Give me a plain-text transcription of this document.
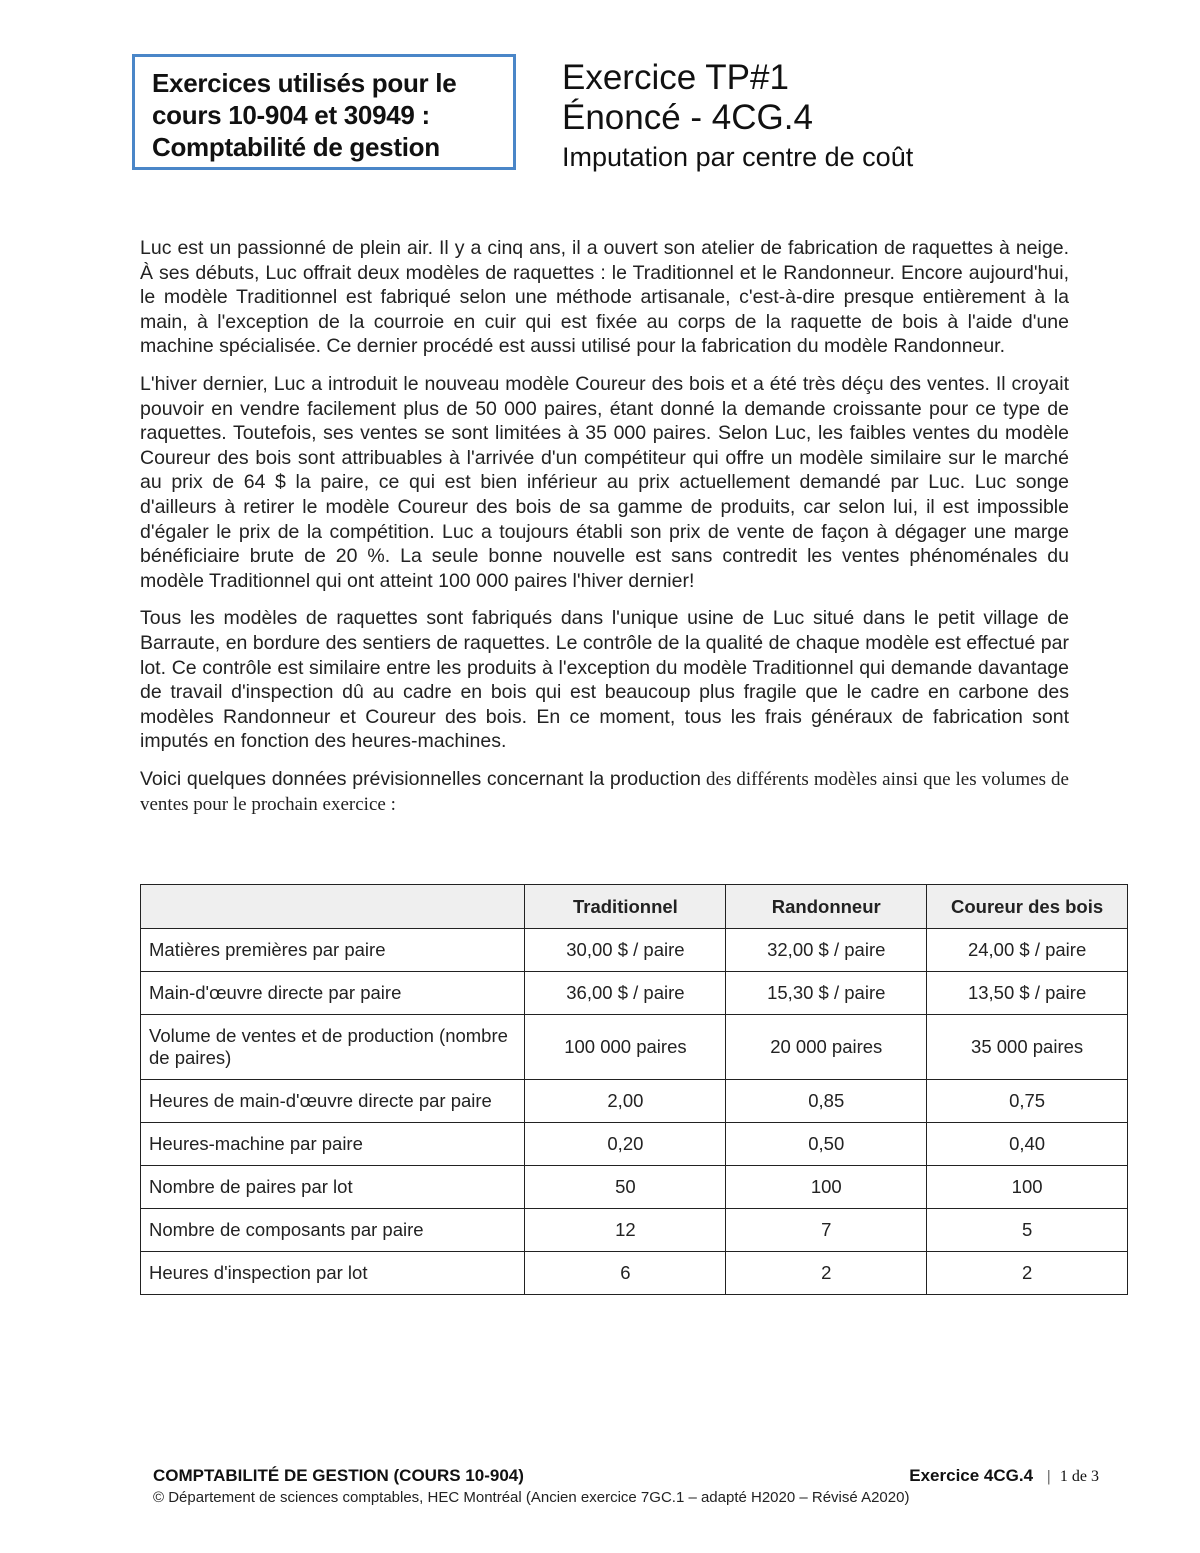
Exercices utilisés pour le
cours 10-904 et 30949 :
Comptabilité de gestion
Exercice TP#1
Énoncé - 4CG.4
Imputation par centre de coût

Luc est un passionné de plein air. Il y a cinq ans, il a ouvert son atelier de fabrication de raquettes à neige. À ses débuts, Luc offrait deux modèles de raquettes : le Traditionnel et le Randonneur. Encore aujourd'hui, le modèle Traditionnel est fabriqué selon une méthode artisanale, c'est-à-dire presque entièrement à la main, à l'exception de la courroie en cuir qui est fixée au corps de la raquette de bois à l'aide d'une machine spécialisée. Ce dernier procédé est aussi utilisé pour la fabrication du modèle Randonneur.

L'hiver dernier, Luc a introduit le nouveau modèle Coureur des bois et a été très déçu des ventes. Il croyait pouvoir en vendre facilement plus de 50 000 paires, étant donné la demande croissante pour ce type de raquettes. Toutefois, ses ventes se sont limitées à 35 000 paires. Selon Luc, les faibles ventes du modèle Coureur des bois sont attribuables à l'arrivée d'un compétiteur qui offre un modèle similaire sur le marché au prix de 64 $ la paire, ce qui est bien inférieur au prix actuellement demandé par Luc. Luc songe d'ailleurs à retirer le modèle Coureur des bois de sa gamme de produits, car selon lui, il est impossible d'égaler le prix de la compétition. Luc a toujours établi son prix de vente de façon à dégager une marge bénéficiaire brute de 20 %. La seule bonne nouvelle est sans contredit les ventes phénoménales du modèle Traditionnel qui ont atteint 100 000 paires l'hiver dernier!

Tous les modèles de raquettes sont fabriqués dans l'unique usine de Luc situé dans le petit village de Barraute, en bordure des sentiers de raquettes. Le contrôle de la qualité de chaque modèle est effectué par lot. Ce contrôle est similaire entre les produits à l'exception du modèle Traditionnel qui demande davantage de travail d'inspection dû au cadre en bois qui est beaucoup plus fragile que le cadre en carbone des modèles Randonneur et Coureur des bois. En ce moment, tous les frais généraux de fabrication sont imputés en fonction des heures-machines.

Voici quelques données prévisionnelles concernant la production des différents modèles ainsi que les volumes de ventes pour le prochain exercice :

	Traditionnel	Randonneur	Coureur des bois
Matières premières par paire	30,00 $ / paire	32,00 $ / paire	24,00 $ / paire
Main-d'œuvre directe par paire	36,00 $ / paire	15,30 $ / paire	13,50 $ / paire
Volume de ventes et de production (nombre de paires)	100 000 paires	20 000 paires	35 000 paires
Heures de main-d'œuvre directe par paire	2,00	0,85	0,75
Heures-machine par paire	0,20	0,50	0,40
Nombre de paires par lot	50	100	100
Nombre de composants par paire	12	7	5
Heures d'inspection par lot	6	2	2
COMPTABILITÉ DE GESTION (COURS 10-904)	Exercice 4CG.4 | 1 de 3
© Département de sciences comptables, HEC Montréal (Ancien exercice 7GC.1 – adapté H2020 – Révisé A2020)
